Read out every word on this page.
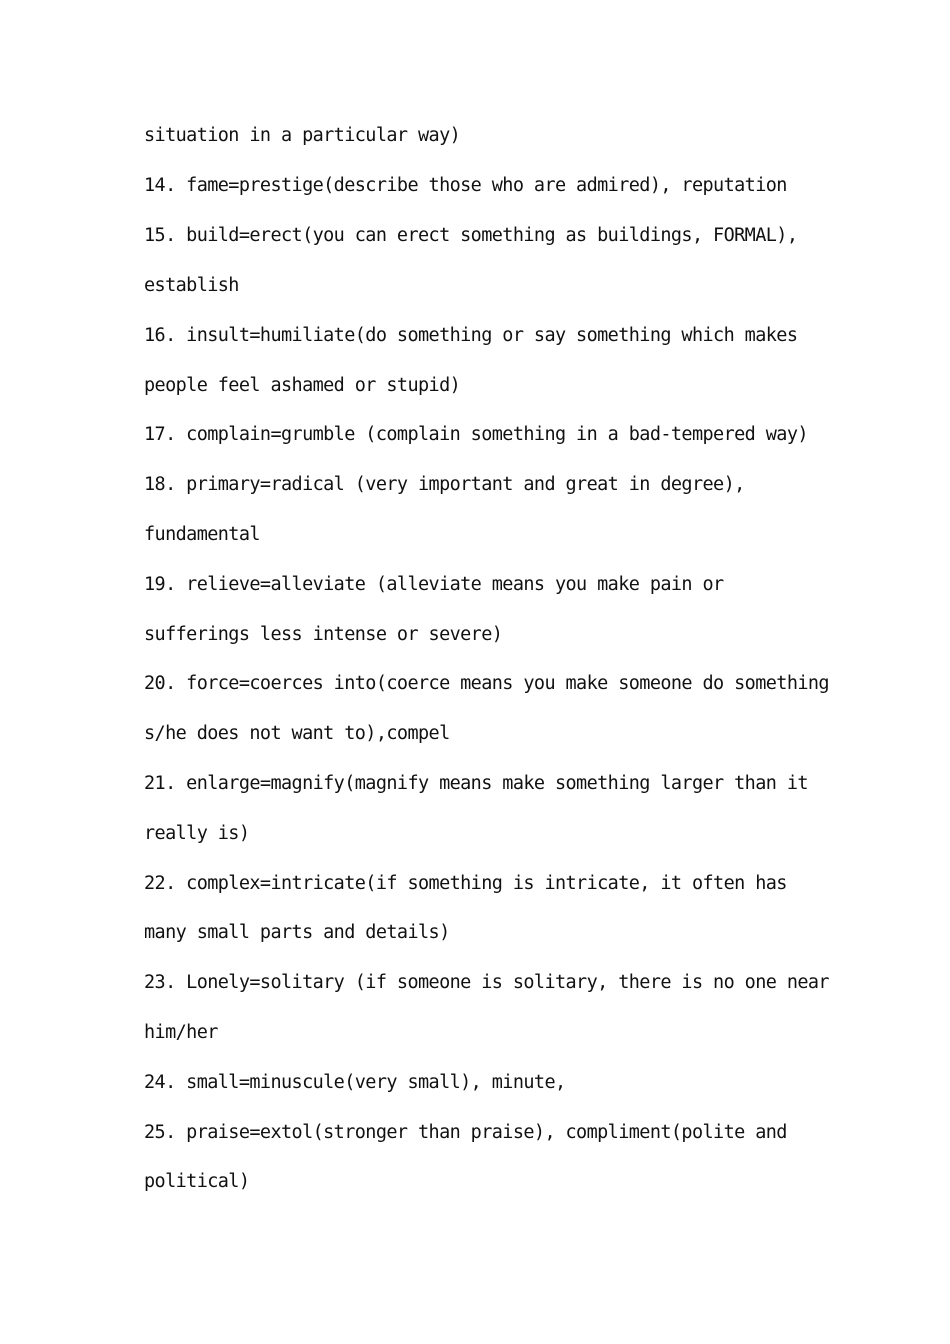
situation in a particular way)
14. fame=prestige(describe those who are admired), reputation
15. build=erect(you can erect something as buildings, FORMAL),
establish
16. insult=humiliate(do something or say something which makes
people feel ashamed or stupid)
17. complain=grumble (complain something in a bad-tempered way)
18. primary=radical (very important and great in degree),
fundamental
19. relieve=alleviate (alleviate means you make pain or
sufferings less intense or severe)
20. force=coerces into(coerce means you make someone do something
s/he does not want to),compel
21. enlarge=magnify(magnify means make something larger than it
really is)
22. complex=intricate(if something is intricate, it often has
many small parts and details)
23. Lonely=solitary (if someone is solitary, there is no one near
him/her
24. small=minuscule(very small), minute,
25. praise=extol(stronger than praise), compliment(polite and
political)
